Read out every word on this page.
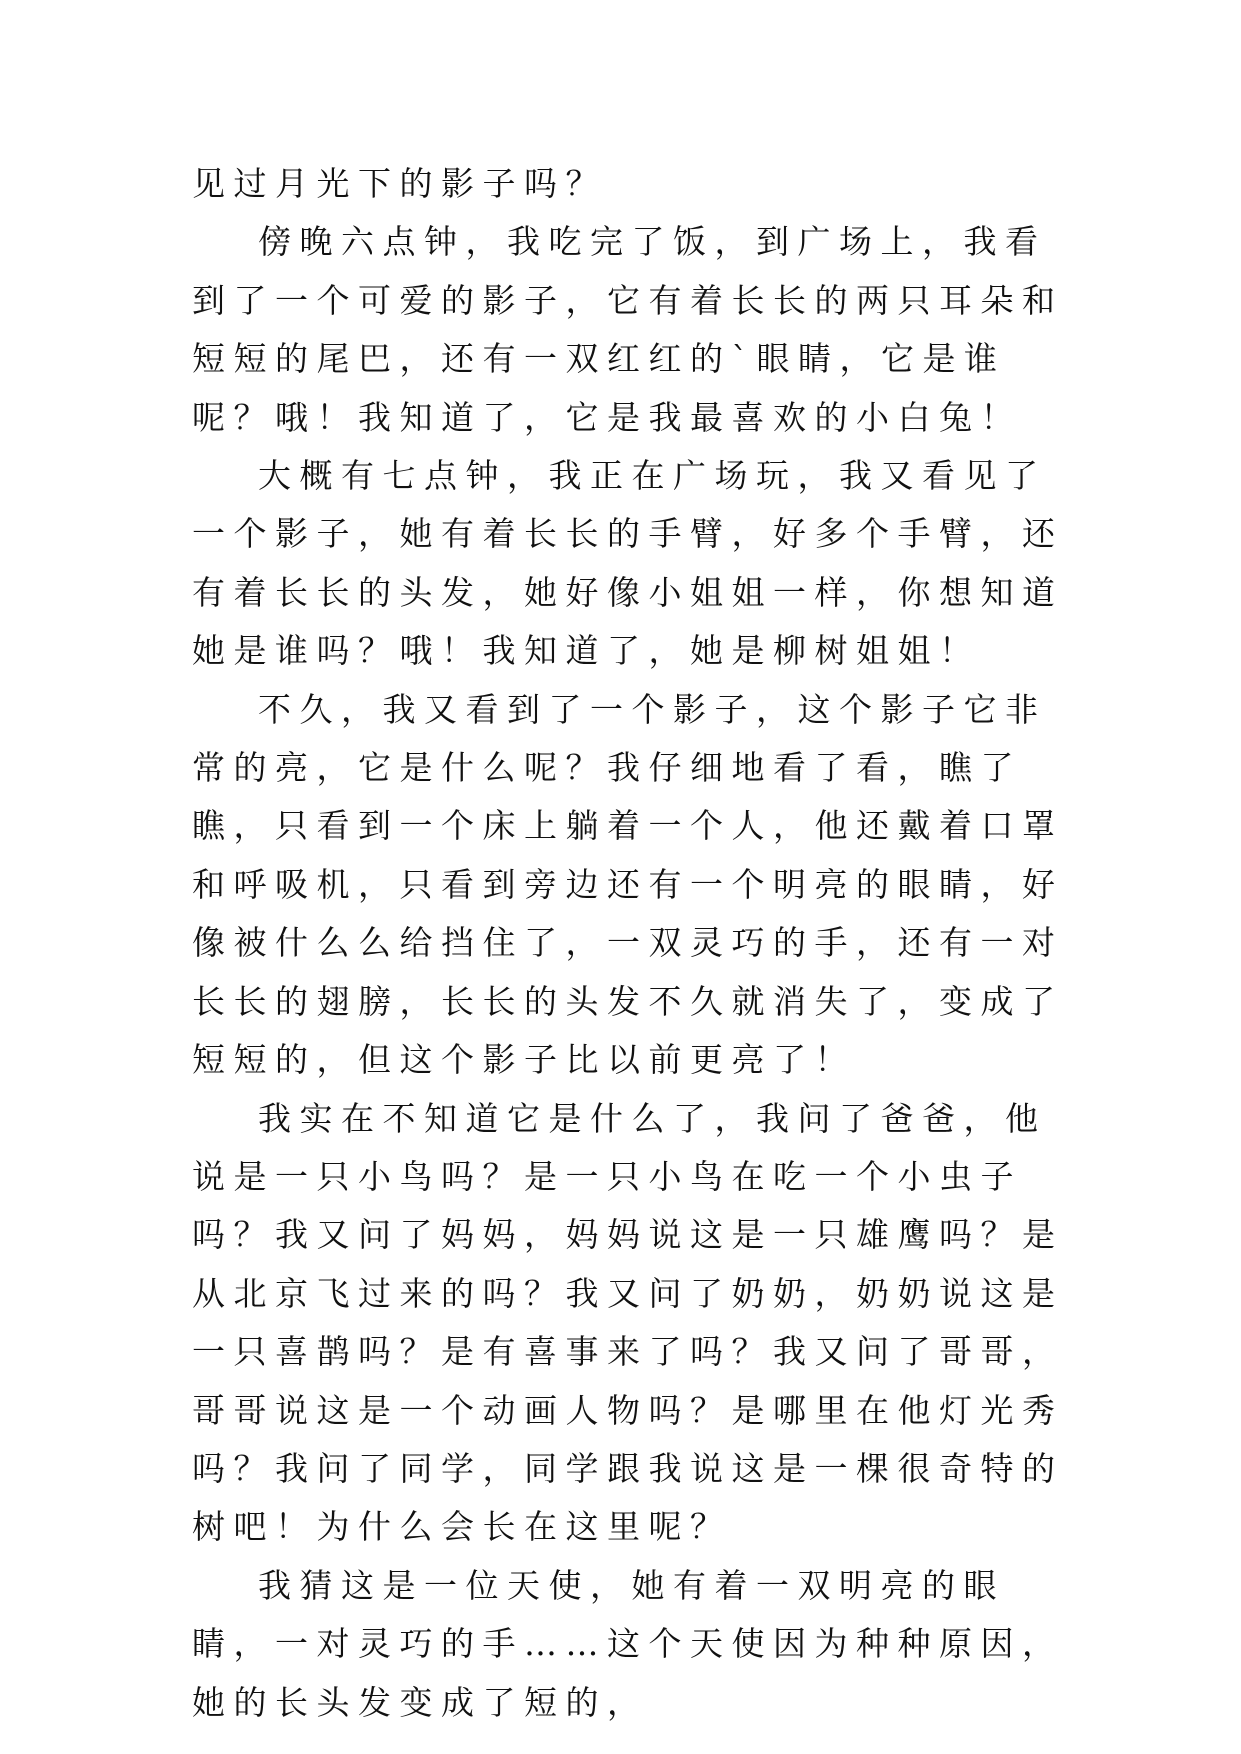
见过月光下的影子吗？

傍晚六点钟，我吃完了饭，到广场上，我看到了一个可爱的影子，它有着长长的两只耳朵和短短的尾巴，还有一双红红的`眼睛，它是谁呢？哦！我知道了，它是我最喜欢的小白兔！

大概有七点钟，我正在广场玩，我又看见了一个影子，她有着长长的手臂，好多个手臂，还有着长长的头发，她好像小姐姐一样，你想知道她是谁吗？哦！我知道了，她是柳树姐姐！

不久，我又看到了一个影子，这个影子它非常的亮，它是什么呢？我仔细地看了看，瞧了瞧，只看到一个床上躺着一个人，他还戴着口罩和呼吸机，只看到旁边还有一个明亮的眼睛，好像被什么么给挡住了，一双灵巧的手，还有一对长长的翅膀，长长的头发不久就消失了，变成了短短的，但这个影子比以前更亮了！

我实在不知道它是什么了，我问了爸爸，他说是一只小鸟吗？是一只小鸟在吃一个小虫子吗？我又问了妈妈，妈妈说这是一只雄鹰吗？是从北京飞过来的吗？我又问了奶奶，奶奶说这是一只喜鹊吗？是有喜事来了吗？我又问了哥哥，哥哥说这是一个动画人物吗？是哪里在他灯光秀吗？我问了同学，同学跟我说这是一棵很奇特的树吧！为什么会长在这里呢？

我猜这是一位天使，她有着一双明亮的眼睛，一对灵巧的手……这个天使因为种种原因，她的长头发变成了短的，
